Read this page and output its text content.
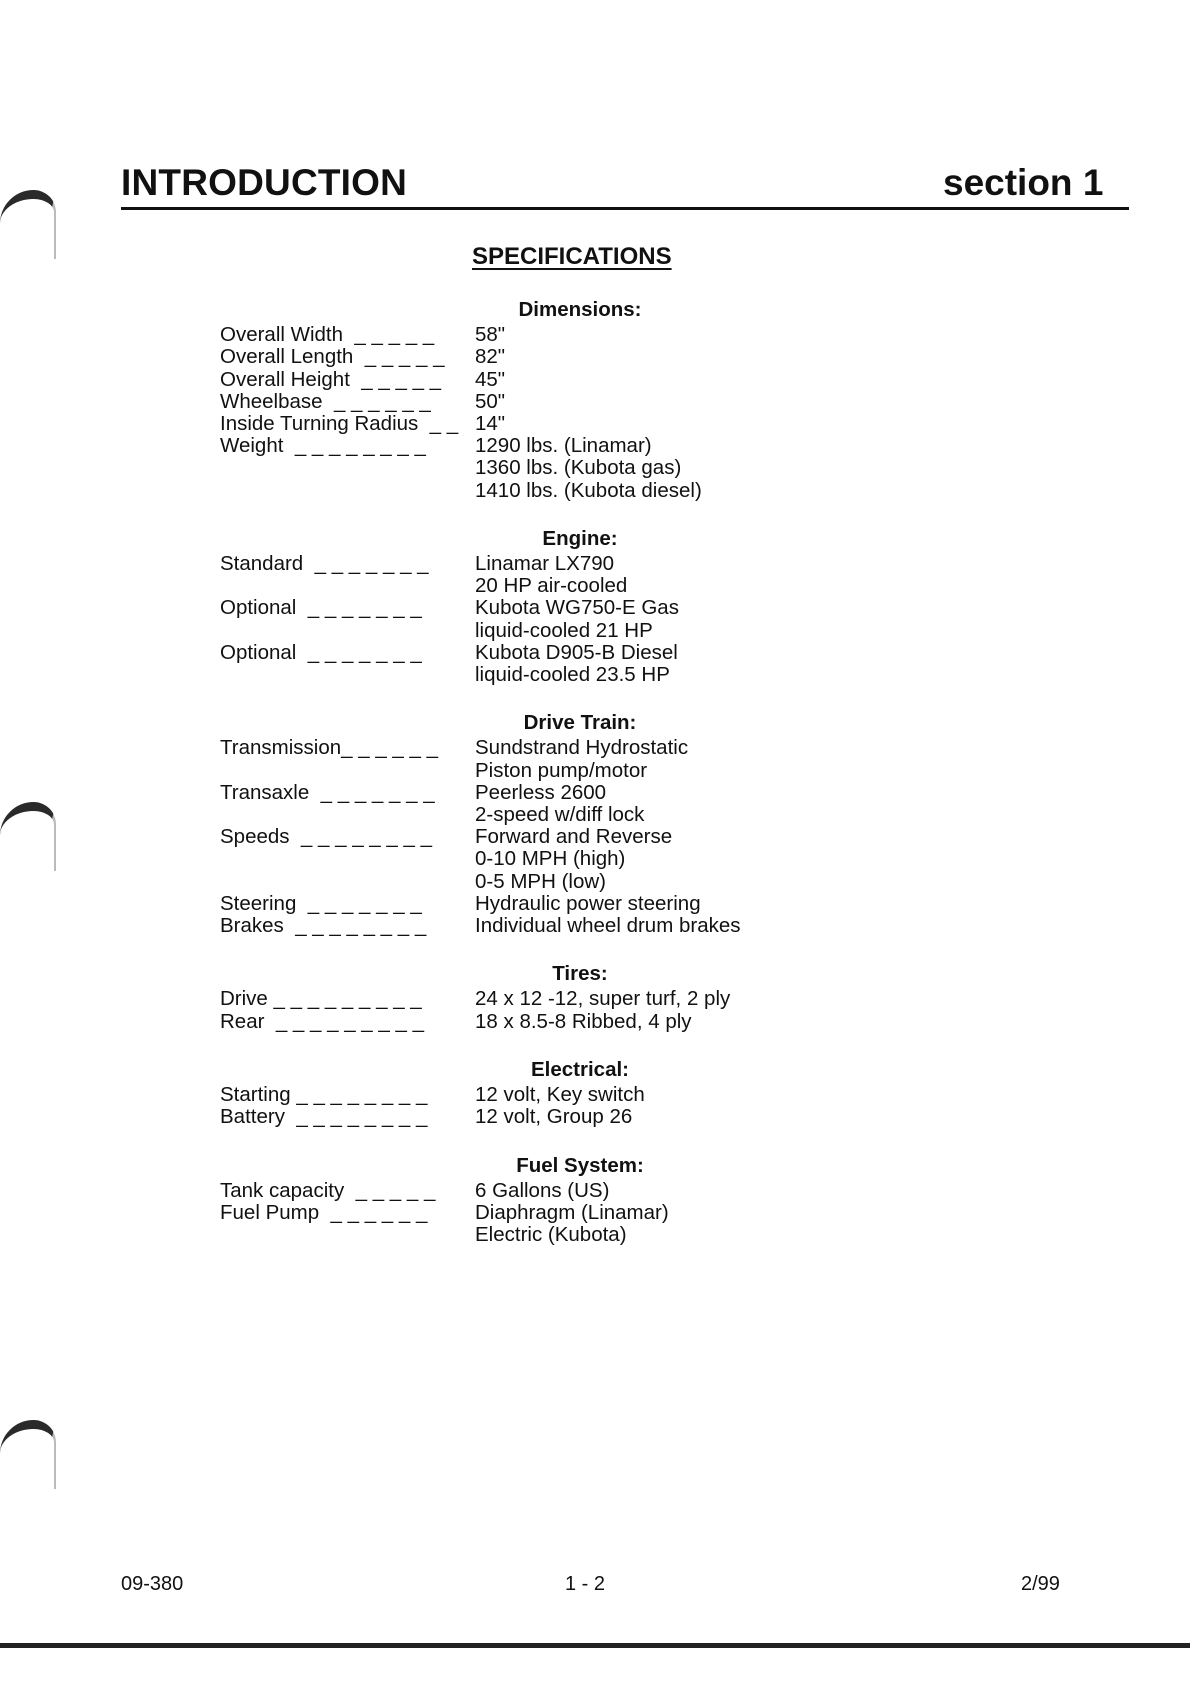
INTRODUCTION	section 1
SPECIFICATIONS
Dimensions:
Overall Width  _ _ _ _ _	58"
Overall Length  _ _ _ _ _	82"
Overall Height  _ _ _ _ _	45"
Wheelbase  _ _ _ _ _ _	50"
Inside Turning Radius  _ _ 14"
Weight  _ _ _ _ _ _ _ _	1290 lbs. (Linamar)
1360 lbs. (Kubota gas)
1410 lbs. (Kubota diesel)
Engine:
Standard  _ _ _ _ _ _ _	Linamar LX790
20 HP air-cooled
Optional  _ _ _ _ _ _ _	Kubota WG750-E Gas
liquid-cooled 21 HP
Optional  _ _ _ _ _ _ _	Kubota D905-B Diesel
liquid-cooled 23.5 HP
Drive Train:
Transmission_ _ _ _ _ _	Sundstrand Hydrostatic
Piston pump/motor
Transaxle  _ _ _ _ _ _ _	Peerless 2600
2-speed w/diff lock
Speeds  _ _ _ _ _ _ _ _	Forward and Reverse
0-10 MPH (high)
0-5 MPH (low)
Steering  _ _ _ _ _ _ _	Hydraulic power steering
Brakes  _ _ _ _ _ _ _ _	Individual wheel drum brakes
Tires:
Drive _ _ _ _ _ _ _ _ _	24 x 12 -12, super turf, 2 ply
Rear  _ _ _ _ _ _ _ _ _	18 x 8.5-8 Ribbed, 4 ply
Electrical:
Starting _ _ _ _ _ _ _ _	12 volt, Key switch
Battery  _ _ _ _ _ _ _ _	12 volt, Group 26
Fuel System:
Tank capacity  _ _ _ _ _	6 Gallons (US)
Fuel Pump  _ _ _ _ _ _	Diaphragm (Linamar)
Electric (Kubota)
09-380	1 - 2	2/99
